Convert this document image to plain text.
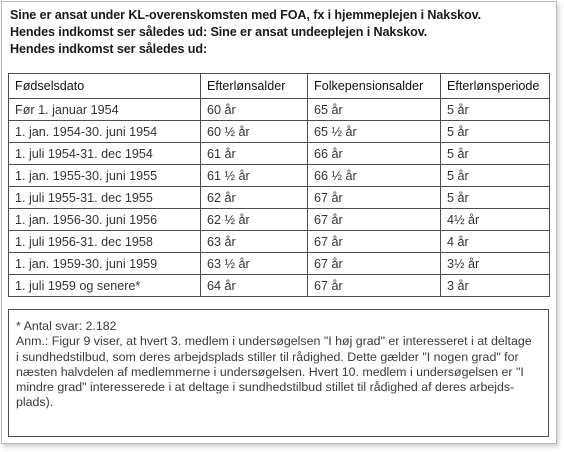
Sine er ansat under KL-overenskomsten med FOA, fx i hjemmeplejen i Nakskov.
Hendes indkomst ser således ud: Sine er ansat undeeplejen i Nakskov.
Hendes indkomst ser således ud:
Fødselsdato	Efterlønsalder	Folkepensionsalder	Efterlønsperiode
Før 1. januar 1954	60 år	65 år	5 år
1. jan. 1954-30. juni 1954	60 ½ år	65 ½ år	5 år
1. juli 1954-31. dec 1954	61 år	66 år	5 år
1. jan. 1955-30. juni 1955	61 ½ år	66 ½ år	5 år
1. juli 1955-31. dec 1955	62 år	67 år	5 år
1. jan. 1956-30. juni 1956	62 ½ år	67 år	4½ år
1. juli 1956-31. dec 1958	63 år	67 år	4 år
1. jan. 1959-30. juni 1959	63 ½ år	67 år	3½ år
1. juli 1959 og senere*	64 år	67 år	3 år
* Antal svar: 2.182
Anm.: Figur 9 viser, at hvert 3. medlem i undersøgelsen "I høj grad" er interesseret i at deltage
i sundhedstilbud, som deres arbejdsplads stiller til rådighed. Dette gælder "I nogen grad" for
næsten halvdelen af medlemmerne i undersøgelsen. Hvert 10. medlem i undersøgelsen er "I
mindre grad" interesserede i at deltage i sundhedstilbud stillet til rådighed af deres arbejds-
plads).
